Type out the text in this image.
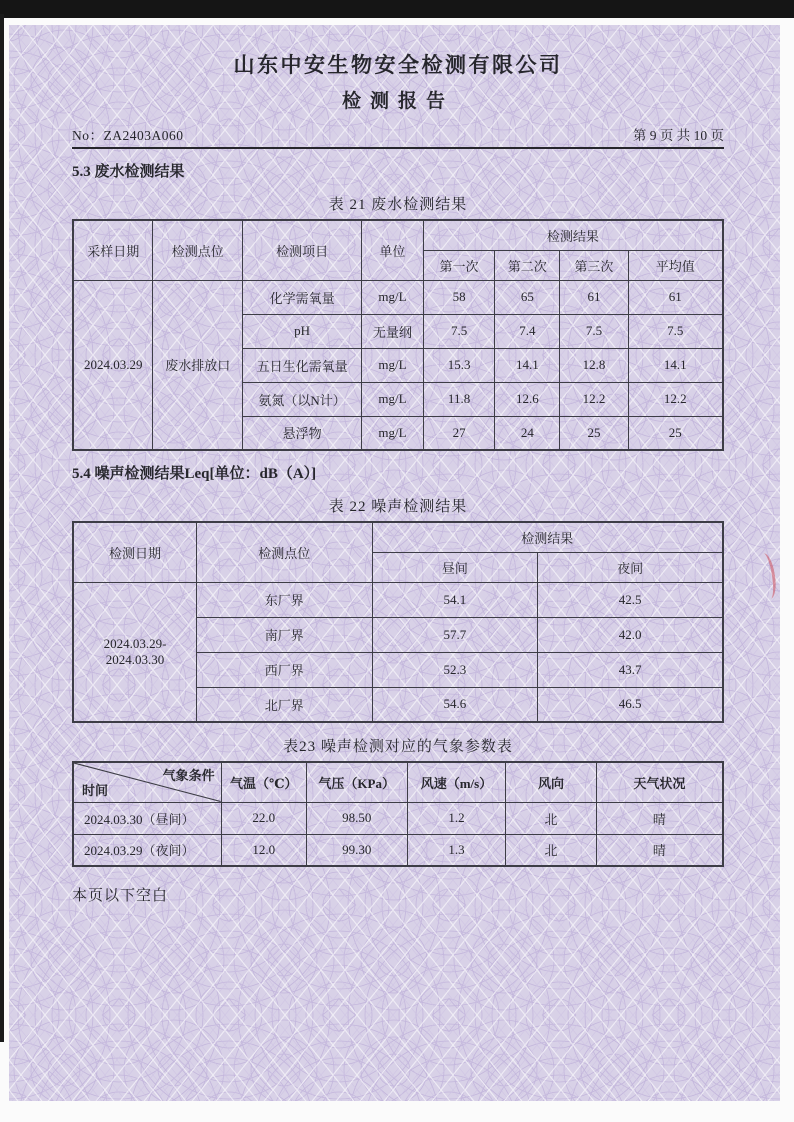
山东中安生物安全检测有限公司
检测报告
No：ZA2403A060	第 9 页 共 10 页
5.3 废水检测结果
表 21 废水检测结果
采样日期	检测点位	检测项目	单位	检测结果			
				第一次	第二次	第三次	平均值
2024.03.29	废水排放口	化学需氧量	mg/L	58	65	61	61
		pH	无量纲	7.5	7.4	7.5	7.5
		五日生化需氧量	mg/L	15.3	14.1	12.8	14.1
		氨氮（以N计）	mg/L	11.8	12.6	12.2	12.2
		悬浮物	mg/L	27	24	25	25
5.4 噪声检测结果Leq[单位：dB（A）]
表 22 噪声检测结果
检测日期	检测点位	检测结果	
		昼间	夜间

2024.03.29-
2024.03.30	东厂界	54.1	42.5
	南厂界	57.7	42.0
	西厂界	52.3	43.7
	北厂界	54.6	46.5
表23 噪声检测对应的气象参数表
气象条件
时间	气温（℃）	气压（KPa）	风速（m/s）	风向	天气状况
2024.03.30（昼间）	22.0	98.50	1.2	北	晴
2024.03.29（夜间）	12.0	99.30	1.3	北	晴
本页以下空白
